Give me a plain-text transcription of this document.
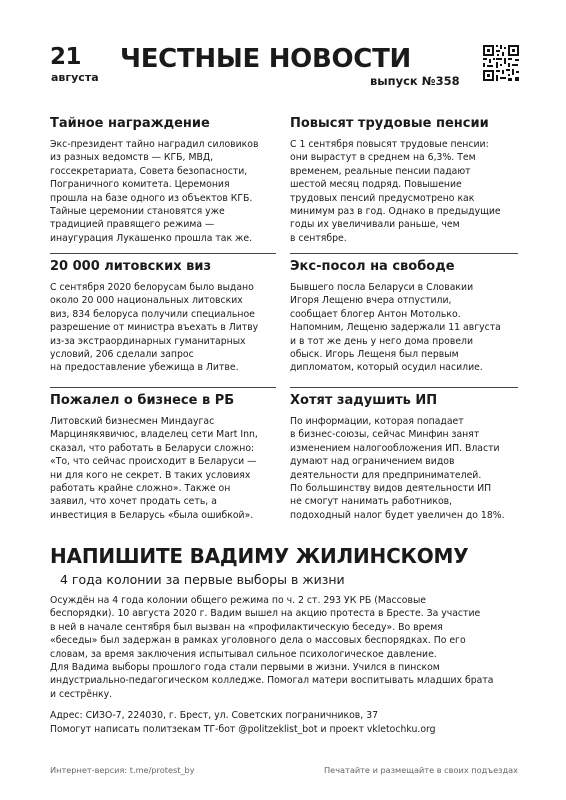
21
августа
ЧЕСТНЫЕ НОВОСТИ
выпуск №358
Тайное награждение
Экс-президент тайно наградил силовиков
из разных ведомств — КГБ, МВД,
госсекретариата, Совета безопасности,
Пограничного комитета. Церемония
прошла на базе одного из объектов КГБ.
Тайные церемонии становятся уже
традицией правящего режима —
инаугурация Лукашенко прошла так же.
20 000 литовских виз
С сентября 2020 белорусам было выдано
около 20 000 национальных литовских
виз, 834 белоруса получили специальное
разрешение от министра въехать в Литву
из-за экстраординарных гуманитарных
условий, 206 сделали запрос
на предоставление убежища в Литве.
Пожалел о бизнесе в РБ
Литовский бизнесмен Миндаугас
Марцинякявичюс, владелец сети Mart Inn,
сказал, что работать в Беларуси сложно:
«То, что сейчас происходит в Беларуси —
ни для кого не секрет. В таких условиях
работать крайне сложно». Также он
заявил, что хочет продать сеть, а
инвестиция в Беларусь «была ошибкой».
Повысят трудовые пенсии
С 1 сентября повысят трудовые пенсии:
они вырастут в среднем на 6,3%. Тем
временем, реальные пенсии падают
шестой месяц подряд. Повышение
трудовых пенсий предусмотрено как
минимум раз в год. Однако в предыдущие
годы их увеличивали раньше, чем
в сентябре.
Экс-посол на свободе
Бывшего посла Беларуси в Словакии
Игоря Лещеню вчера отпустили,
сообщает блогер Антон Мотолько.
Напомним, Лещеню задержали 11 августа
и в тот же день у него дома провели
обыск. Игорь Лещеня был первым
дипломатом, который осудил насилие.
Хотят задушить ИП
По информации, которая попадает
в бизнес-союзы, сейчас Минфин занят
изменением налогообложения ИП. Власти
думают над ограничением видов
деятельности для предпринимателей.
По большинству видов деятельности ИП
не смогут нанимать работников,
подоходный налог будет увеличен до 18%.
НАПИШИТЕ ВАДИМУ ЖИЛИНСКОМУ
4 года колонии за первые выборы в жизни
Осуждён на 4 года колонии общего режима по ч. 2 ст. 293 УК РБ (Массовые
беспорядки). 10 августа 2020 г. Вадим вышел на акцию протеста в Бресте. За участие
в ней в начале сентября был вызван на «профилактическую беседу». Во время
«беседы» был задержан в рамках уголовного дела о массовых беспорядках. По его
словам, за время заключения испытывал сильное психологическое давление.
Для Вадима выборы прошлого года стали первыми в жизни. Учился в пинском
индустриально-педагогическом колледже. Помогал матери воспитывать младших брата
и сестрёнку.
Адрес: СИЗО-7, 224030, г. Брест, ул. Советских пограничников, 37
Помогут написать политзекам ТГ-бот @politzeklist_bot и проект vkletochku.org
Интернет-версия: t.me/protest_by	Печатайте и размещайте в своих подъездах
